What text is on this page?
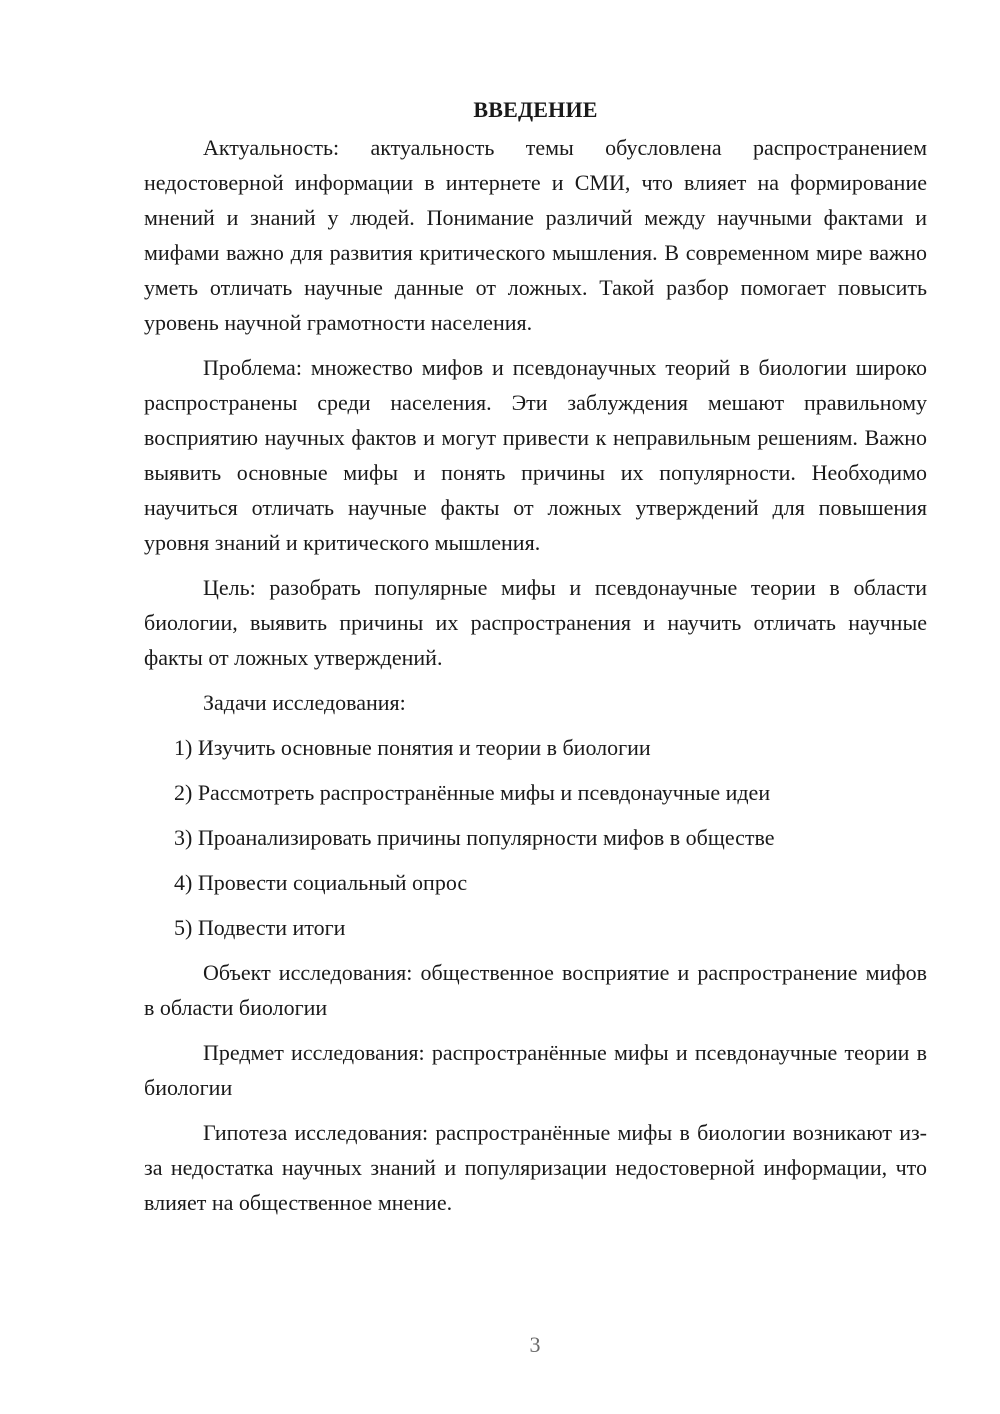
ВВЕДЕНИЕ

Актуальность: актуальность темы обусловлена распространением недостоверной информации в интернете и СМИ, что влияет на формирование мнений и знаний у людей. Понимание различий между научными фактами и мифами важно для развития критического мышления. В современном мире важно уметь отличать научные данные от ложных. Такой разбор помогает повысить уровень научной грамотности населения.

Проблема: множество мифов и псевдонаучных теорий в биологии широко распространены среди населения. Эти заблуждения мешают правильному восприятию научных фактов и могут привести к неправильным решениям. Важно выявить основные мифы и понять причины их популярности. Необходимо научиться отличать научные факты от ложных утверждений для повышения уровня знаний и критического мышления.

Цель: разобрать популярные мифы и псевдонаучные теории в области биологии, выявить причины их распространения и научить отличать научные факты от ложных утверждений.

Задачи исследования:

1) Изучить основные понятия и теории в биологии
2) Рассмотреть распространённые мифы и псевдонаучные идеи
3) Проанализировать причины популярности мифов в обществе
4) Провести социальный опрос
5) Подвести итоги

Объект исследования: общественное восприятие и распространение мифов в области биологии

Предмет исследования: распространённые мифы и псевдонаучные теории в биологии

Гипотеза исследования: распространённые мифы в биологии возникают из-за недостатка научных знаний и популяризации недостоверной информации, что влияет на общественное мнение.

3
